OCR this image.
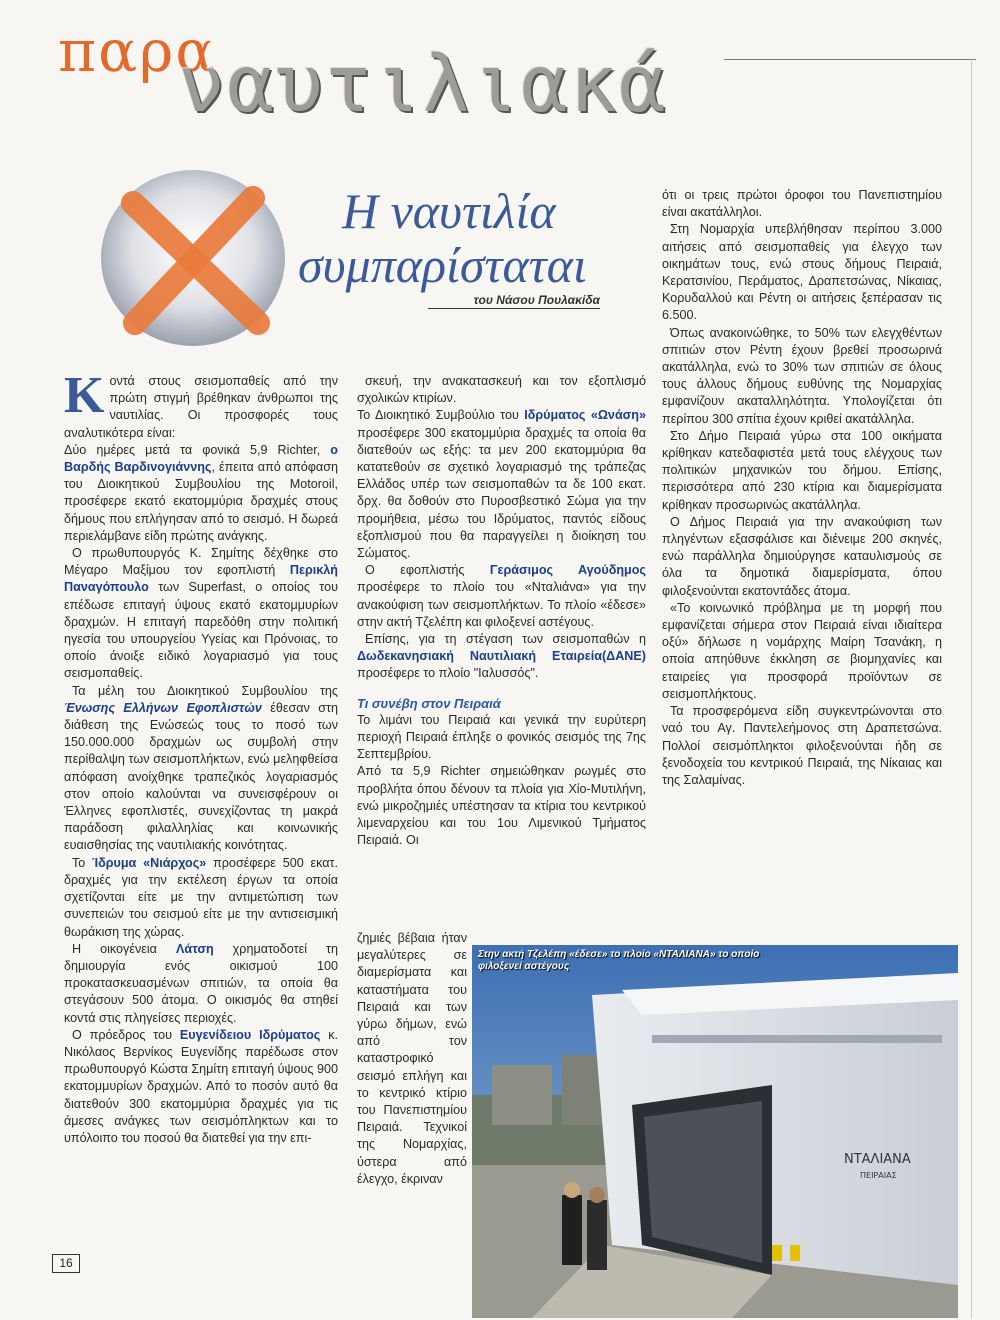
παρα
ναυτιλιακά
Η ναυτιλία
συμπαρίσταται
του Νάσου Πουλακίδα

Κοντά στους σεισμοπαθείς από την πρώτη στιγμή βρέθηκαν άνθρωποι της ναυτιλίας. Οι προσφορές τους αναλυτικότερα είναι:

Δύο ημέρες μετά τα φονικά 5,9 Richter, ο Βαρδής Βαρδινογιάννης, έπειτα από απόφαση του Διοικητικού Συμβουλίου της Motoroil, προσέφερε εκατό εκατομμύρια δραχμές στους δήμους που επλήγησαν από το σεισμό. Η δωρεά περιελάμβανε είδη πρώτης ανάγκης.

Ο πρωθυπουργός Κ. Σημίτης δέχθηκε στο Μέγαρο Μαξίμου τον εφοπλιστή Περικλή Παναγόπουλο των Superfast, ο οποίος του επέδωσε επιταγή ύψους εκατό εκατομμυρίων δραχμών. Η επιταγή παρεδόθη στην πολιτική ηγεσία του υπουργείου Υγείας και Πρόνοιας, το οποίο άνοιξε ειδικό λογαριασμό για τους σεισμοπαθείς.

Τα μέλη του Διοικητικού Συμβουλίου της Ένωσης Ελλήνων Εφοπλιστών έθεσαν στη διάθεση της Ενώσεώς τους το ποσό των 150.000.000 δραχμών ως συμβολή στην περίθαλψη των σεισμοπλήκτων, ενώ μεληφθείσα απόφαση ανοίχθηκε τραπεζικός λογαριασμός στον οποίο καλούνται να συνεισφέρουν οι Έλληνες εφοπλιστές, συνεχίζοντας τη μακρά παράδοση φιλαλληλίας και κοινωνικής ευαισθησίας της ναυτιλιακής κοινότητας.

Το Ίδρυμα «Νιάρχος» προσέφερε 500 εκατ. δραχμές για την εκτέλεση έργων τα οποία σχετίζονται είτε με την αντιμετώπιση των συνεπειών του σεισμού είτε με την αντισεισμική θωράκιση της χώρας.

Η οικογένεια Λάτση χρηματοδοτεί τη δημιουργία ενός οικισμού 100 προκατασκευασμένων σπιτιών, τα οποία θα στεγάσουν 500 άτομα. Ο οικισμός θα στηθεί κοντά στις πληγείσες περιοχές.

Ο πρόεδρος του Ευγενίδειου Ιδρύματος κ. Νικόλαος Βερνίκος Ευγενίδης παρέδωσε στον πρωθυπουργό Κώστα Σημίτη επιταγή ύψους 900 εκατομμυρίων δραχμών. Από το ποσόν αυτό θα διατεθούν 300 εκατομμύρια δραχμές για τις άμεσες ανάγκες των σεισμόπληκτων και το υπόλοιπο του ποσού θα διατεθεί για την επι-

σκευή, την ανακατασκευή και τον εξοπλισμό σχολικών κτιρίων.

Το Διοικητικό Συμβούλιο του Ιδρύματος «Ωνάση» προσέφερε 300 εκατομμύρια δραχμές τα οποία θα διατεθούν ως εξής: τα μεν 200 εκατομμύρια θα κατατεθούν σε σχετικό λογαριασμό της τράπεζας Ελλάδος υπέρ των σεισμοπαθών τα δε 100 εκατ. δρχ. θα δοθούν στο Πυροσβεστικό Σώμα για την προμήθεια, μέσω του Ιδρύματος, παντός είδους εξοπλισμού που θα παραγγείλει η διοίκηση του Σώματος.

Ο εφοπλιστής Γεράσιμος Αγούδημος προσέφερε το πλοίο του «Νταλιάνα» για την ανακούφιση των σεισμοπλήκτων. Το πλοίο «έδεσε» στην ακτή Τζελέπη και φιλοξενεί αστέγους.

Επίσης, για τη στέγαση των σεισμοπαθών η Δωδεκανησιακή Ναυτιλιακή Εταιρεία(ΔΑΝΕ) προσέφερε το πλοίο "Ιαλυσσός".

Τι συνέβη στον Πειραιά

Το λιμάνι του Πειραιά και γενικά την ευρύτερη περιοχή Πειραιά έπληξε ο φονικός σεισμός της 7ης Σεπτεμβρίου.

Από τα 5,9 Richter σημειώθηκαν ρωγμές στο προβλήτα όπου δένουν τα πλοία για Χίο-Μυτιλήνη, ενώ μικροζημιές υπέστησαν τα κτίρια του κεντρικού λιμεναρχείου και του 1ου Λιμενικού Τμήματος Πειραιά. Οι

ζημιές βέβαια ήταν μεγαλύτερες σε διαμερίσματα και καταστήματα του Πειραιά και των γύρω δήμων, ενώ από τον καταστροφικό σεισμό επλήγη και το κεντρικό κτίριο του Πανεπιστημίου Πειραιά. Τεχνικοί της Νομαρχίας, ύστερα από έλεγχο, έκριναν

ότι οι τρεις πρώτοι όροφοι του Πανεπιστημίου είναι ακατάλληλοι.

Στη Νομαρχία υπεβλήθησαν περίπου 3.000 αιτήσεις από σεισμοπαθείς για έλεγχο των οικημάτων τους, ενώ στους δήμους Πειραιά, Κερατσινίου, Περάματος, Δραπετσώνας, Νίκαιας, Κορυδαλλού και Ρέντη οι αιτήσεις ξεπέρασαν τις 6.500.

Όπως ανακοινώθηκε, το 50% των ελεγχθέντων σπιτιών στον Ρέντη έχουν βρεθεί προσωρινά ακατάλληλα, ενώ το 30% των σπιτιών σε όλους τους άλλους δήμους ευθύνης της Νομαρχίας εμφανίζουν ακαταλληλότητα. Υπολογίζεται ότι περίπου 300 σπίτια έχουν κριθεί ακατάλληλα.

Στο Δήμο Πειραιά γύρω στα 100 οικήματα κρίθηκαν κατεδαφιστέα μετά τους ελέγχους των πολιτικών μηχανικών του δήμου. Επίσης, περισσότερα από 230 κτίρια και διαμερίσματα κρίθηκαν προσωρινώς ακατάλληλα.

Ο Δήμος Πειραιά για την ανακούφιση των πληγέντων εξασφάλισε και διένειμε 200 σκηνές, ενώ παράλληλα δημιούργησε καταυλισμούς σε όλα τα δημοτικά διαμερίσματα, όπου φιλοξενούνται εκατοντάδες άτομα.

«Το κοινωνικό πρόβλημα με τη μορφή που εμφανίζεται σήμερα στον Πειραιά είναι ιδιαίτερα οξύ» δήλωσε η νομάρχης Μαίρη Τσανάκη, η οποία απηύθυνε έκκληση σε βιομηχανίες και εταιρείες για προσφορά προϊόντων σε σεισμοπλήκτους.

Τα προσφερόμενα είδη συγκεντρώνονται στο ναό του Αγ. Παντελεήμονος στη Δραπετσώνα. Πολλοί σεισμόπληκτοι φιλοξενούνται ήδη σε ξενοδοχεία του κεντρικού Πειραιά, της Νίκαιας και της Σαλαμίνας.

ΝΤΑΛΙΑΝΑ
ΠΕΙΡΑΙΑΣ
Στην ακτή Τζελέπη «έδεσε» το πλοίο «ΝΤΑΛΙΑΝΑ» το οποίο φιλοξενεί αστέγους
16
